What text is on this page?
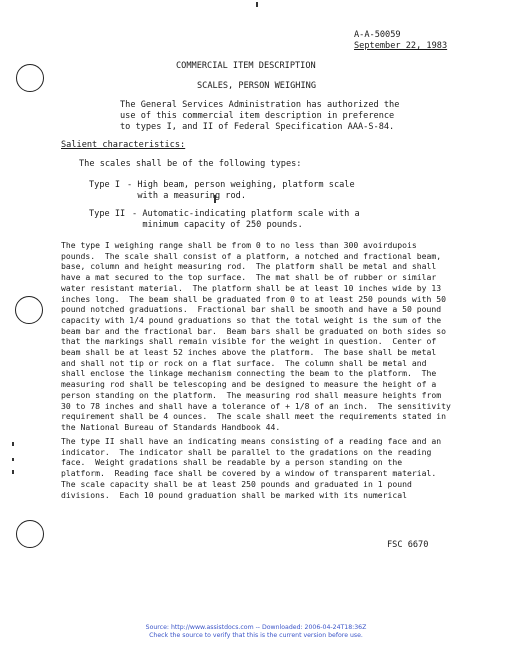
A-A-50059
September 22, 1983
COMMERCIAL ITEM DESCRIPTION
SCALES, PERSON WEIGHING
The General Services Administration has authorized the
use of this commercial item description in preference
to types I, and II of Federal Specification AAA-S-84.
Salient characteristics:
The scales shall be of the following types:
Type I - High beam, person weighing, platform scale
with a measuring rod.
Type II - Automatic-indicating platform scale with a
minimum capacity of 250 pounds.
The type I weighing range shall be from 0 to no less than 300 avoirdupois
pounds.  The scale shall consist of a platform, a notched and fractional beam,
base, column and height measuring rod.  The platform shall be metal and shall
have a mat secured to the top surface.  The mat shall be of rubber or similar
water resistant material.  The platform shall be at least 10 inches wide by 13
inches long.  The beam shall be graduated from 0 to at least 250 pounds with 50
pound notched graduations.  Fractional bar shall be smooth and have a 50 pound
capacity with 1/4 pound graduations so that the total weight is the sum of the
beam bar and the fractional bar.  Beam bars shall be graduated on both sides so
that the markings shall remain visible for the weight in question.  Center of
beam shall be at least 52 inches above the platform.  The base shall be metal
and shall not tip or rock on a flat surface.  The column shall be metal and
shall enclose the linkage mechanism connecting the beam to the platform.  The
measuring rod shall be telescoping and be designed to measure the height of a
person standing on the platform.  The measuring rod shall measure heights from
30 to 78 inches and shall have a tolerance of + 1/8 of an inch.  The sensitivity
requirement shall be 4 ounces.  The scale shall meet the requirements stated in
the National Bureau of Standards Handbook 44.
The type II shall have an indicating means consisting of a reading face and an
indicator.  The indicator shall be parallel to the gradations on the reading
face.  Weight gradations shall be readable by a person standing on the
platform.  Reading face shall be covered by a window of transparent material.
The scale capacity shall be at least 250 pounds and graduated in 1 pound
divisions.  Each 10 pound graduation shall be marked with its numerical
FSC 6670
Source: http://www.assistdocs.com -- Downloaded: 2006-04-24T18:36Z
Check the source to verify that this is the current version before use.
